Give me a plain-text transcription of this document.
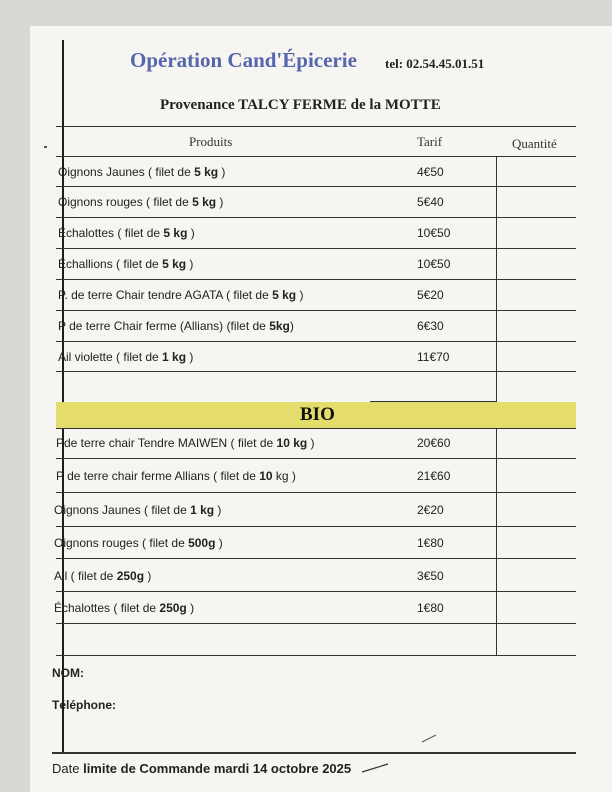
Opération Cand'Épicerie tel: 02.54.45.01.51
Provenance TALCY FERME de la MOTTE
Produits	Tarif	Quantité
Oignons Jaunes ( filet de 5 kg )	4€50
Oignons rouges ( filet de 5 kg )	5€40
Échalottes ( filet de 5 kg )	10€50
Échallions ( filet de 5 kg )	10€50
P. de terre Chair tendre AGATA ( filet de 5 kg )	5€20
P de terre Chair ferme (Allians) (filet de 5kg)	6€30
Ail violette ( filet de 1 kg )	11€70
BIO
Pde terre chair Tendre MAIWEN ( filet de 10 kg )	20€60
P de terre chair ferme Allians ( filet de 10 kg )	21€60
Oignons Jaunes ( filet de 1 kg )	2€20
Oignons rouges ( filet de 500g )	1€80
Ail ( filet de 250g )	3€50
Échalottes ( filet de 250g )	1€80
NOM:
Téléphone:
Date limite de Commande mardi 14 octobre 2025
